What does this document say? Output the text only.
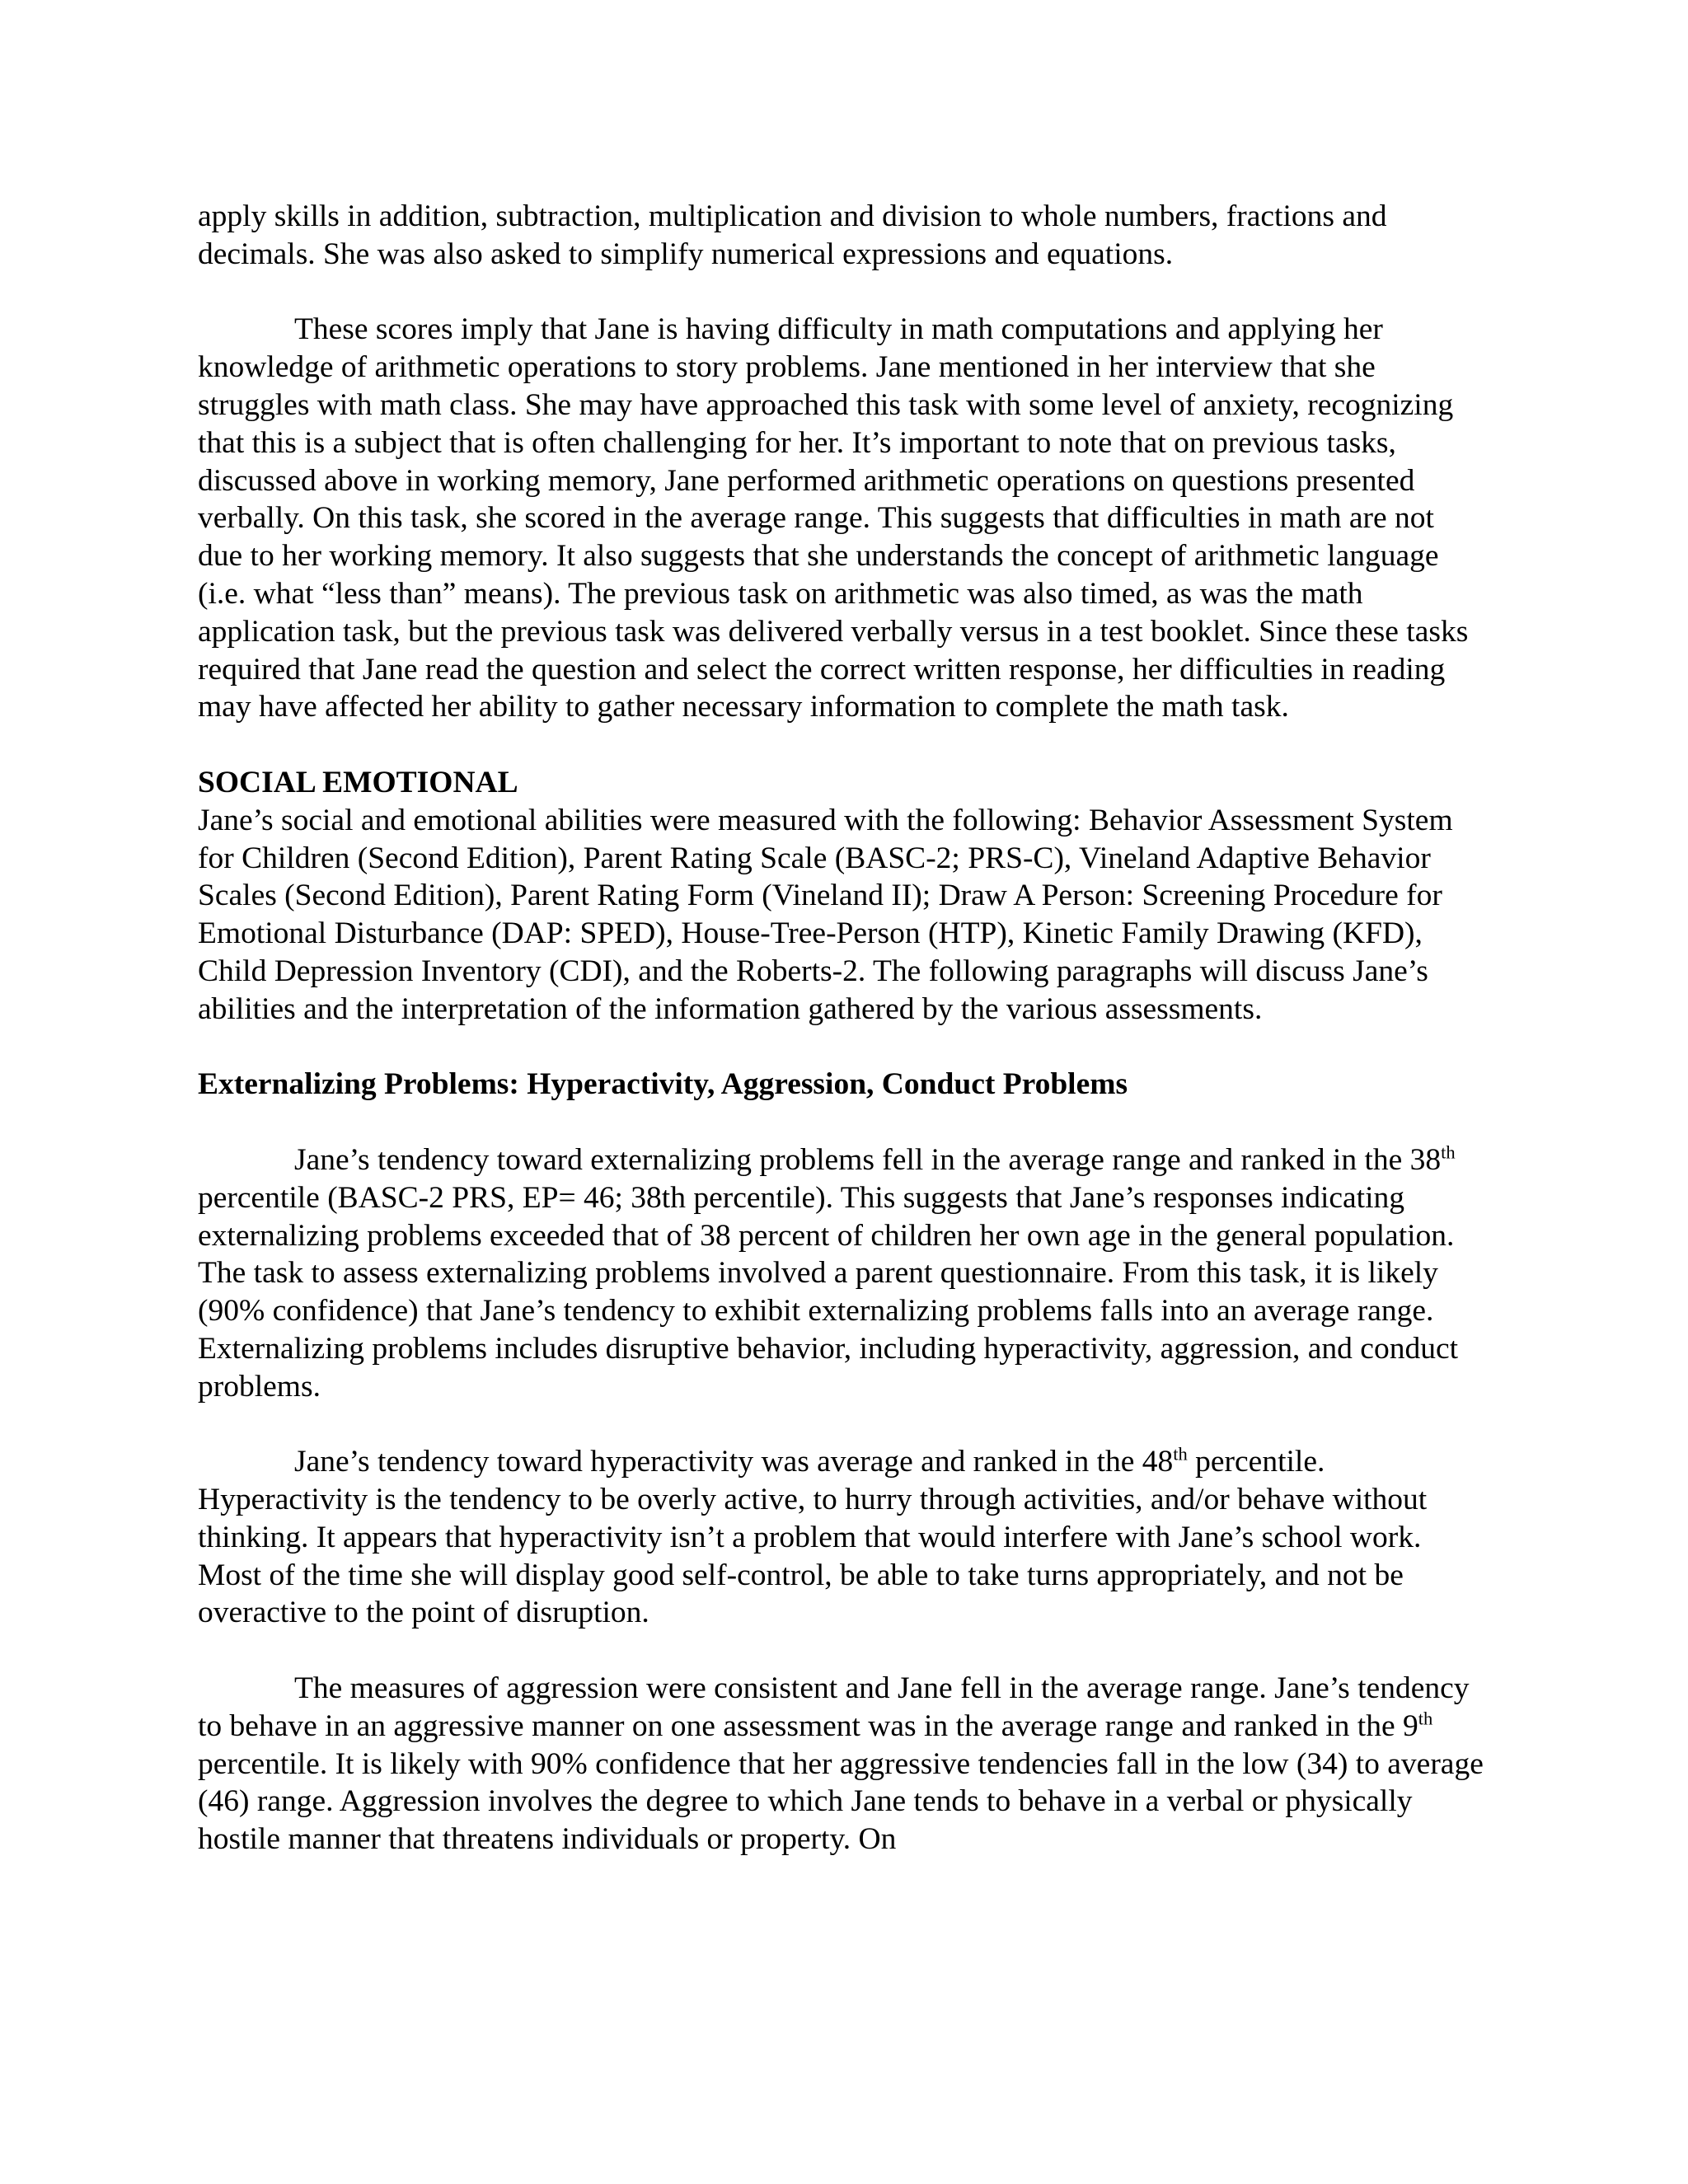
apply skills in addition, subtraction, multiplication and division to whole numbers, fractions and decimals. She was also asked to simplify numerical expressions and equations.

These scores imply that Jane is having difficulty in math computations and applying her knowledge of arithmetic operations to story problems. Jane mentioned in her interview that she struggles with math class. She may have approached this task with some level of anxiety, recognizing that this is a subject that is often challenging for her. It’s important to note that on previous tasks, discussed above in working memory, Jane performed arithmetic operations on questions presented verbally. On this task, she scored in the average range. This suggests that difficulties in math are not due to her working memory. It also suggests that she understands the concept of arithmetic language (i.e. what “less than” means). The previous task on arithmetic was also timed, as was the math application task, but the previous task was delivered verbally versus in a test booklet. Since these tasks required that Jane read the question and select the correct written response, her difficulties in reading may have affected her ability to gather necessary information to complete the math task.

SOCIAL EMOTIONAL

Jane’s social and emotional abilities were measured with the following: Behavior Assessment System for Children (Second Edition), Parent Rating Scale (BASC-2; PRS-C), Vineland Adaptive Behavior Scales (Second Edition), Parent Rating Form (Vineland II); Draw A Person: Screening Procedure for Emotional Disturbance (DAP: SPED), House-Tree-Person (HTP), Kinetic Family Drawing (KFD), Child Depression Inventory (CDI), and the Roberts-2. The following paragraphs will discuss Jane’s abilities and the interpretation of the information gathered by the various assessments.

Externalizing Problems: Hyperactivity, Aggression, Conduct Problems

Jane’s tendency toward externalizing problems fell in the average range and ranked in the 38th percentile (BASC-2 PRS, EP= 46; 38th percentile). This suggests that Jane’s responses indicating externalizing problems exceeded that of 38 percent of children her own age in the general population. The task to assess externalizing problems involved a parent questionnaire. From this task, it is likely (90% confidence) that Jane’s tendency to exhibit externalizing problems falls into an average range. Externalizing problems includes disruptive behavior, including hyperactivity, aggression, and conduct problems.

Jane’s tendency toward hyperactivity was average and ranked in the 48th percentile. Hyperactivity is the tendency to be overly active, to hurry through activities, and/or behave without thinking. It appears that hyperactivity isn’t a problem that would interfere with Jane’s school work. Most of the time she will display good self-control, be able to take turns appropriately, and not be overactive to the point of disruption.

The measures of aggression were consistent and Jane fell in the average range. Jane’s tendency to behave in an aggressive manner on one assessment was in the average range and ranked in the 9th percentile. It is likely with 90% confidence that her aggressive tendencies fall in the low (34) to average (46) range. Aggression involves the degree to which Jane tends to behave in a verbal or physically hostile manner that threatens individuals or property. On
